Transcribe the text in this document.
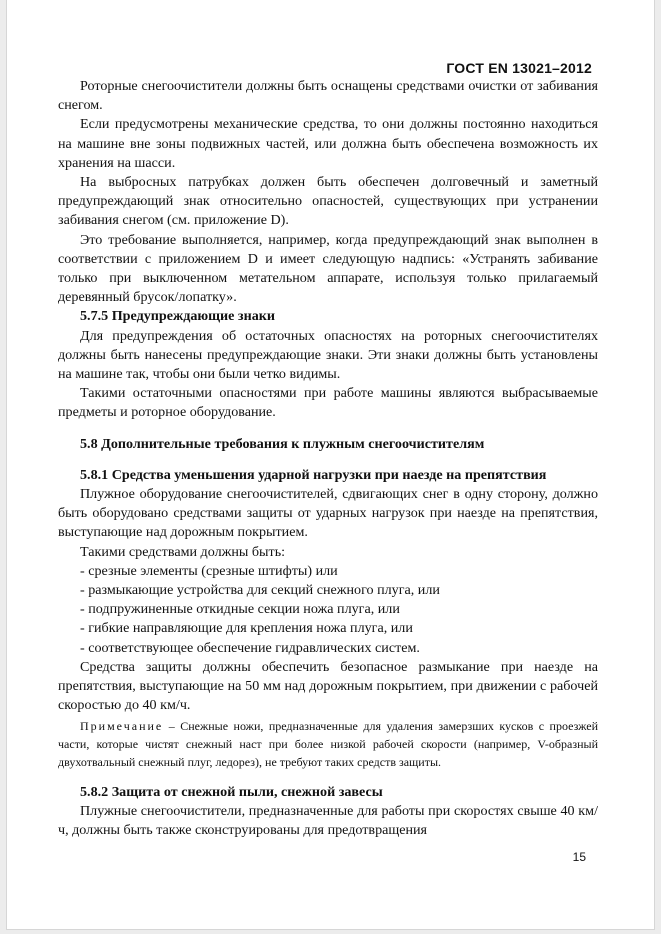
ГОСТ EN 13021–2012

Роторные снегоочистители должны быть оснащены средствами очистки от забивания снегом.

Если предусмотрены механические средства, то они должны постоянно находиться на машине вне зоны подвижных частей, или должна быть обеспечена возможность их хранения на шасси.

На выбросных патрубках должен быть обеспечен долговечный и заметный предупреждающий знак относительно опасностей, существующих при устранении забивания снегом (см. приложение D).

Это требование выполняется, например, когда предупреждающий знак выполнен в соответствии с приложением D и имеет следующую надпись: «Устранять забивание только при выключенном метательном аппарате, используя только прилагаемый деревянный брусок/лопатку».

5.7.5 Предупреждающие знаки

Для предупреждения об остаточных опасностях на роторных снегоочистителях должны быть нанесены предупреждающие знаки. Эти знаки должны быть установлены на машине так, чтобы они были четко видимы.

Такими остаточными опасностями при работе машины являются выбрасываемые предметы и роторное оборудование.

5.8 Дополнительные требования к плужным снегоочистителям

5.8.1 Средства уменьшения ударной нагрузки при наезде на препятствия

Плужное оборудование снегоочистителей, сдвигающих снег в одну сторону, должно быть оборудовано средствами защиты от ударных нагрузок при наезде на препятствия, выступающие над дорожным покрытием.

Такими средствами должны быть:

- срезные элементы (срезные штифты) или

- размыкающие устройства для секций снежного плуга, или

- подпружиненные откидные секции ножа плуга, или

- гибкие направляющие для крепления ножа плуга, или

- соответствующее обеспечение гидравлических систем.

Средства защиты должны обеспечить безопасное размыкание при наезде на препятствия, выступающие на 50 мм над дорожным покрытием, при движении с рабочей скоростью до 40 км/ч.

Примечание – Снежные ножи, предназначенные для удаления замерзших кусков с проезжей части, которые чистят снежный наст при более низкой рабочей скорости (например, V-образный двухотвальный снежный плуг, ледорез), не требуют таких средств защиты.

5.8.2 Защита от снежной пыли, снежной завесы

Плужные снегоочистители, предназначенные для работы при скоростях свыше 40 км/ч, должны быть также сконструированы для предотвращения

15
